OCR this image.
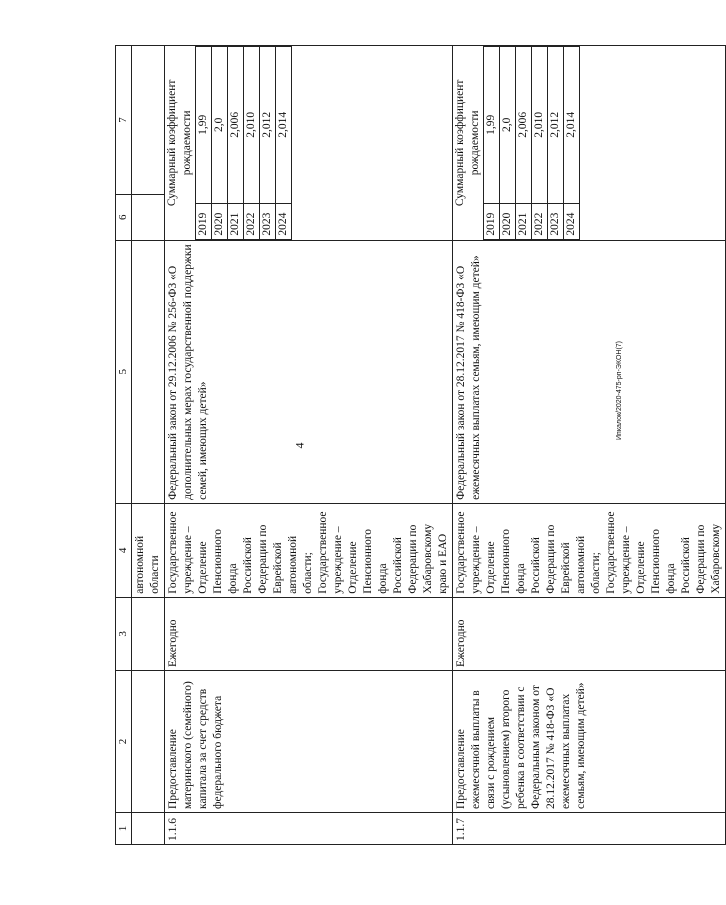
4
Ипкалок/2020-475-рп-ЭКОН(7)
1	2	3	4	5	6	7
			автономной области			
1.1.6	Предоставление материнского (семейного) капитала за счет средств федерального бюджета	Ежегодно	Государственное учреждение – Отделение Пенсионного фонда Российской Федерации по Еврейской автономной области; Государственное учреждение – Отделение Пенсионного фонда Российской Федерации по Хабаровскому краю и ЕАО	Федеральный закон от 29.12.2006 № 256-ФЗ «О дополнительных мерах государственной поддержки семей, имеющих детей»	
Суммарный коэффициент рождаемости
2019	1,99
2020	2,0
2021	2,006
2022	2,010
2023	2,012
2024	2,014

1.1.7	Предоставление ежемесячной выплаты в связи с рождением (усыновлением) второго ребенка в соответствии с Федеральным законом от 28.12.2017 № 418-ФЗ «О ежемесячных выплатах семьям, имеющим детей»	Ежегодно	Государственное учреждение – Отделение Пенсионного фонда Российской Федерации по Еврейской автономной области; Государственное учреждение – Отделение Пенсионного фонда Российской Федерации по Хабаровскому	Федеральный закон от 28.12.2017 № 418-ФЗ «О ежемесячных выплатах семьям, имеющим детей»	
Суммарный коэффициент рождаемости
2019	1,99
2020	2,0
2021	2,006
2022	2,010
2023	2,012
2024	2,014
